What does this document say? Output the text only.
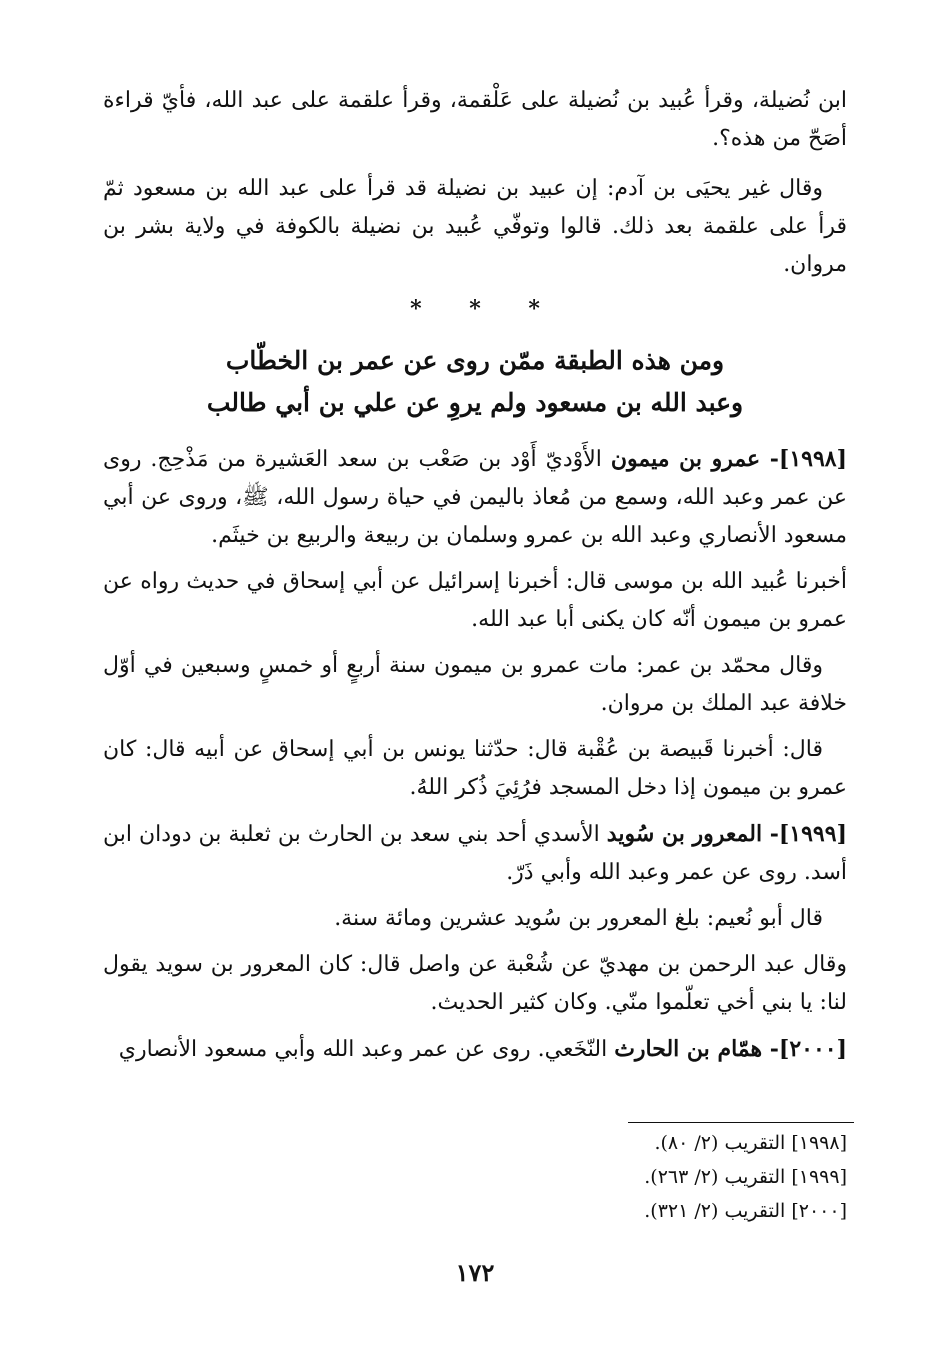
ابن نُضيلة، وقرأ عُبيد بن نُضيلة على عَلْقمة، وقرأ علقمة على عبد الله، فأيّ قراءة أصَحّ من هذه؟.

وقال غير يحيَى بن آدم: إن عبيد بن نضيلة قد قرأ على عبد الله بن مسعود ثمّ قرأ على علقمة بعد ذلك. قالوا وتوفّي عُبيد بن نضيلة بالكوفة في ولاية بشر بن مروان.

* * *
ومن هذه الطبقة ممّن روى عن عمر بن الخطّاب
وعبد الله بن مسعود ولم يروِ عن علي بن أبي طالب

[١٩٩٨]- عمرو بن ميمون الأَوْديّ أَوْد بن صَعْب بن سعد العَشيرة من مَذْحِج. روى عن عمر وعبد الله، وسمع من مُعاذ باليمن في حياة رسول الله، ﷺ، وروى عن أبي مسعود الأنصاري وعبد الله بن عمرو وسلمان بن ربيعة والربيع بن خيثَم.

أخبرنا عُبيد الله بن موسى قال: أخبرنا إسرائيل عن أبي إسحاق في حديث رواه عن عمرو بن ميمون أنّه كان يكنى أبا عبد الله.

وقال محمّد بن عمر: مات عمرو بن ميمون سنة أربعٍ أو خمسٍ وسبعين في أوّل خلافة عبد الملك بن مروان.

قال: أخبرنا قَبيصة بن عُقْبة قال: حدّثنا يونس بن أبي إسحاق عن أبيه قال: كان عمرو بن ميمون إذا دخل المسجد فرُئِيَ ذُكر اللهُ.

[١٩٩٩]- المعرور بن سُويد الأسدي أحد بني سعد بن الحارث بن ثعلبة بن دودان ابن أسد. روى عن عمر وعبد الله وأبي ذَرّ.

قال أبو نُعيم: بلغ المعرور بن سُويد عشرين ومائة سنة.

وقال عبد الرحمن بن مهديّ عن شُعْبة عن واصل قال: كان المعرور بن سويد يقول لنا: يا بني أخي تعلّموا منّي. وكان كثير الحديث.

[٢٠٠٠]- همّام بن الحارث النّخَعي. روى عن عمر وعبد الله وأبي مسعود الأنصاري

[١٩٩٨] التقريب (٢/ ٨٠).

[١٩٩٩] التقريب (٢/ ٢٦٣).

[٢٠٠٠] التقريب (٢/ ٣٢١).

١٧٢
